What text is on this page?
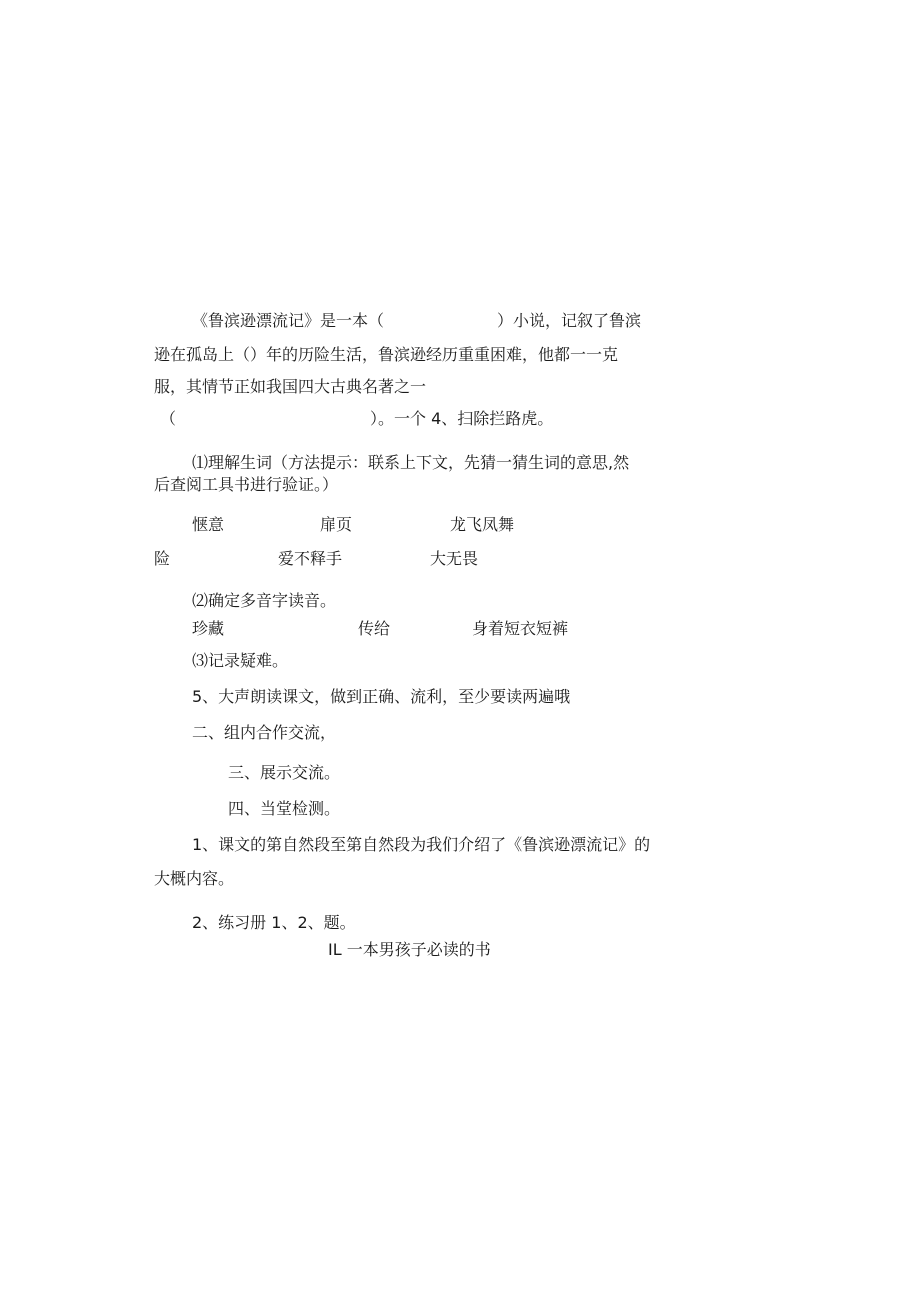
《鲁滨逊漂流记》是一本（	）小说，记叙了鲁滨
逊在孤岛上（）年的历险生活，鲁滨逊经历重重困难，他都一一克
服，其情节正如我国四大古典名著之一
（	）。一个 4、扫除拦路虎。
⑴理解生词（方法提示：联系上下文，先猜一猜生词的意思,然
后查阅工具书进行验证。）
惬意	扉页	龙飞凤舞
险	爱不释手	大无畏
⑵确定多音字读音。
珍藏	传给	身着短衣短裤
⑶记录疑难。
5、大声朗读课文，做到正确、流利，至少要读两遍哦
二、组内合作交流，
三、展示交流。
四、当堂检测。
1、课文的第自然段至第自然段为我们介绍了《鲁滨逊漂流记》的
大概内容。
2、练习册 1、2、题。
IL 一本男孩子必读的书
